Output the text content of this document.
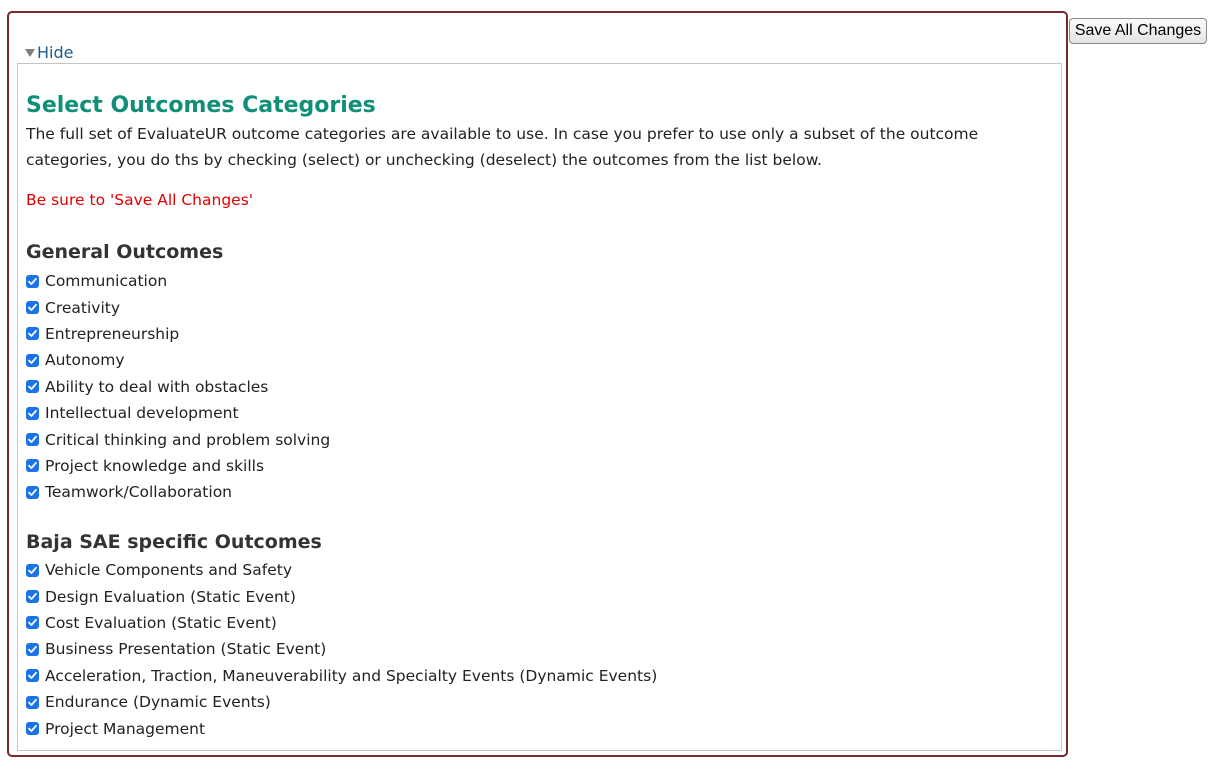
Save All Changes
Hide
Select Outcomes Categories

The full set of EvaluateUR outcome categories are available to use. In case you prefer to use only a subset of the outcome categories, you do ths by checking (select) or unchecking (deselect) the outcomes from the list below.

Be sure to 'Save All Changes'

General Outcomes
Communication
Creativity
Entrepreneurship
Autonomy
Ability to deal with obstacles
Intellectual development
Critical thinking and problem solving
Project knowledge and skills
Teamwork/Collaboration
Baja SAE specific Outcomes
Vehicle Components and Safety
Design Evaluation (Static Event)
Cost Evaluation (Static Event)
Business Presentation (Static Event)
Acceleration, Traction, Maneuverability and Specialty Events (Dynamic Events)
Endurance (Dynamic Events)
Project Management
